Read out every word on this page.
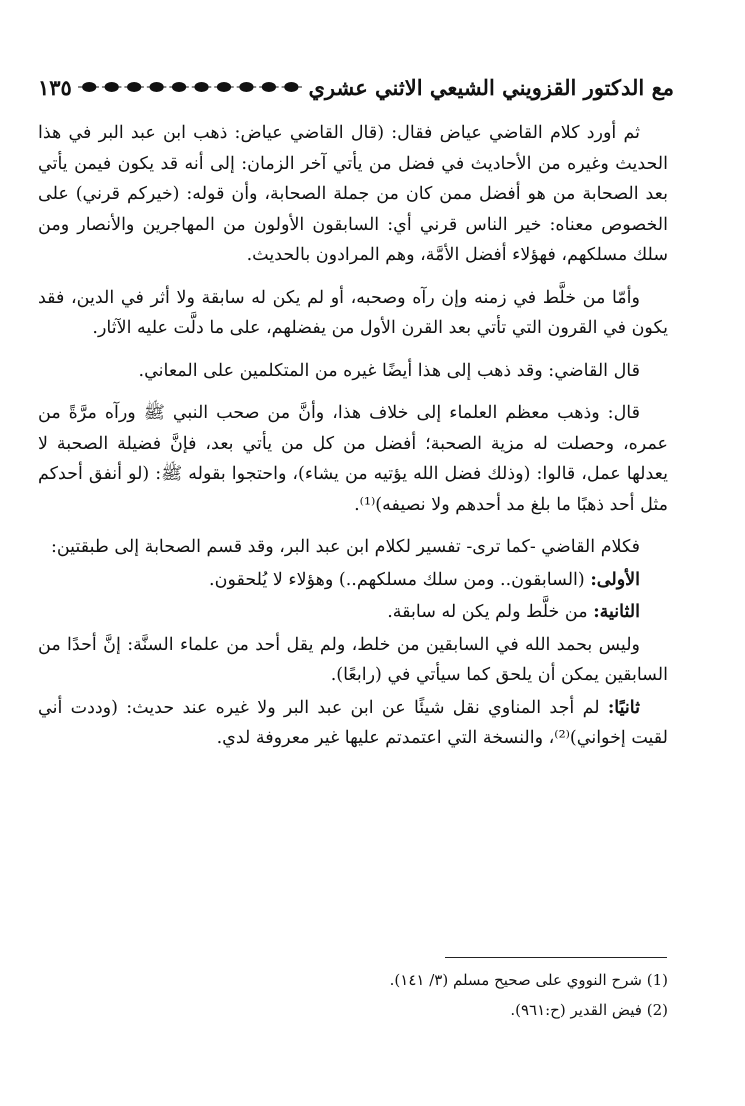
مع الدكتور القزويني الشيعي الاثني عشري
١٣٥

ثم أورد كلام القاضي عياض فقال: (قال القاضي عياض: ذهب ابن عبد البر في هذا الحديث وغيره من الأحاديث في فضل من يأتي آخر الزمان: إلى أنه قد يكون فيمن يأتي بعد الصحابة من هو أفضل ممن كان من جملة الصحابة، وأن قوله: (خيركم قرني) على الخصوص معناه: خير الناس قرني أي: السابقون الأولون من المهاجرين والأنصار ومن سلك مسلكهم، فهؤلاء أفضل الأمَّة، وهم المرادون بالحديث.

وأمّا من خلَّط في زمنه وإن رآه وصحبه، أو لم يكن له سابقة ولا أثر في الدين، فقد يكون في القرون التي تأتي بعد القرن الأول من يفضلهم، على ما دلَّت عليه الآثار.

قال القاضي: وقد ذهب إلى هذا أيضًا غيره من المتكلمين على المعاني.

قال: وذهب معظم العلماء إلى خلاف هذا، وأنَّ من صحب النبي ﷺ ورآه مرَّةً من عمره، وحصلت له مزية الصحبة؛ أفضل من كل من يأتي بعد، فإنَّ فضيلة الصحبة لا يعدلها عمل، قالوا: (وذلك فضل الله يؤتيه من يشاء)، واحتجوا بقوله ﷺ: (لو أنفق أحدكم مثل أحد ذهبًا ما بلغ مد أحدهم ولا نصيفه)⁽¹⁾.

فكلام القاضي -كما ترى- تفسير لكلام ابن عبد البر، وقد قسم الصحابة إلى طبقتين:

الأولى: (السابقون.. ومن سلك مسلكهم..) وهؤلاء لا يُلحقون.

الثانية: من خلَّط ولم يكن له سابقة.

وليس بحمد الله في السابقين من خلط، ولم يقل أحد من علماء السنَّة: إنَّ أحدًا من السابقين يمكن أن يلحق كما سيأتي في (رابعًا).

ثانيًا: لم أجد المناوي نقل شيئًا عن ابن عبد البر ولا غيره عند حديث: (وددت أني لقيت إخواني)⁽²⁾، والنسخة التي اعتمدتم عليها غير معروفة لدي.

(1) شرح النووي على صحيح مسلم (٣/ ١٤١).
(2) فيض القدير (ح:٩٦١).
